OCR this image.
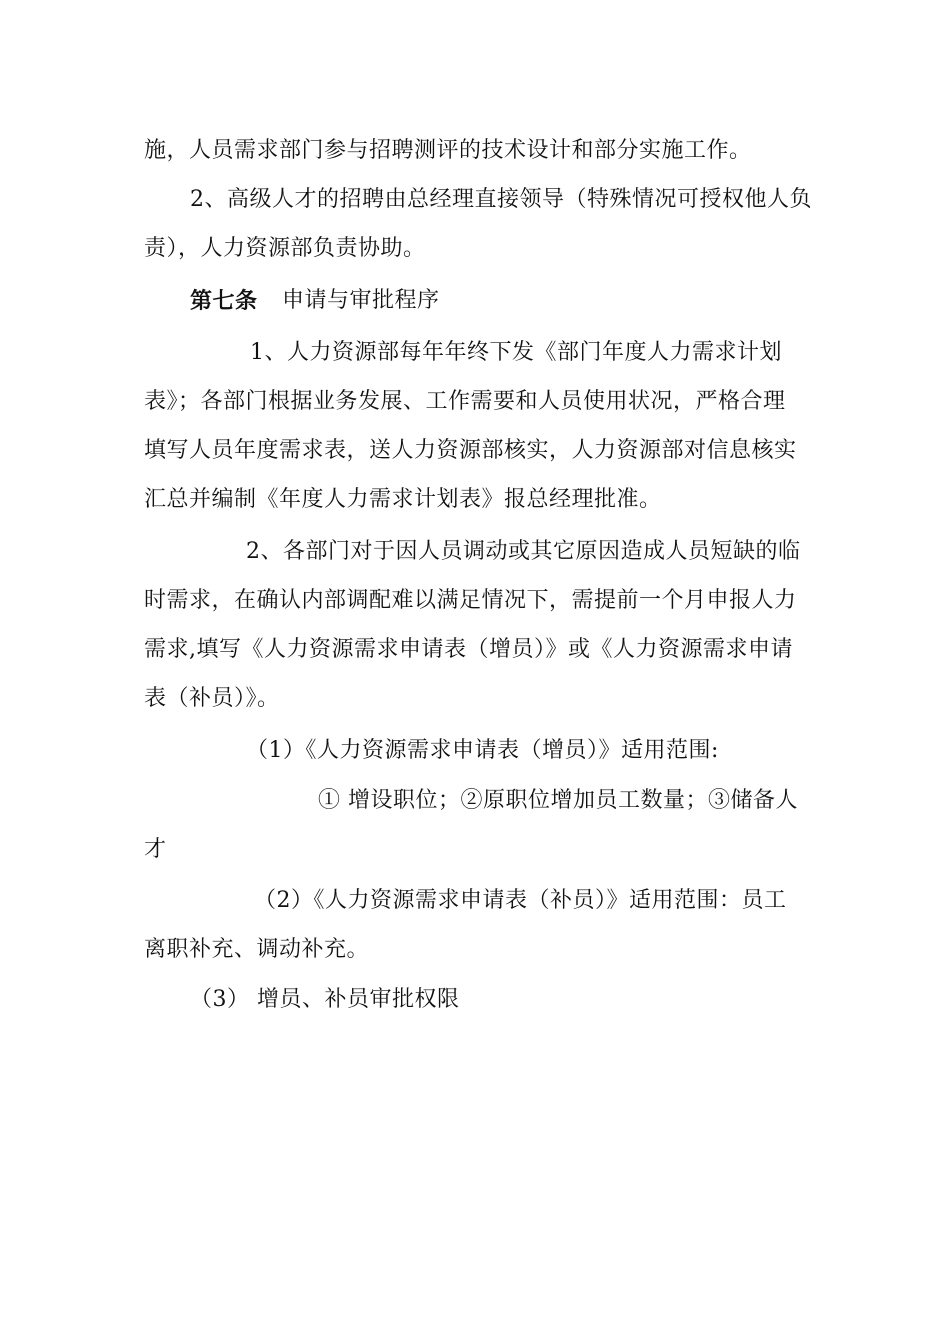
施，人员需求部门参与招聘测评的技术设计和部分实施工作。
2、高级人才的招聘由总经理直接领导（特殊情况可授权他人负
责），人力资源部负责协助。
第七条 申请与审批程序
1、人力资源部每年年终下发《部门年度人力需求计划
表》；各部门根据业务发展、工作需要和人员使用状况，严格合理
填写人员年度需求表，送人力资源部核实，人力资源部对信息核实
汇总并编制《年度人力需求计划表》报总经理批准。
2、各部门对于因人员调动或其它原因造成人员短缺的临
时需求，在确认内部调配难以满足情况下，需提前一个月申报人力
需求,填写《人力资源需求申请表（增员）》或《人力资源需求申请
表（补员）》。
（1）《人力资源需求申请表（增员）》适用范围:
① 增设职位；②原职位增加员工数量；③储备人
才
（2）《人力资源需求申请表（补员）》适用范围：员工
离职补充、调动补充。
（3） 增员、补员审批权限
